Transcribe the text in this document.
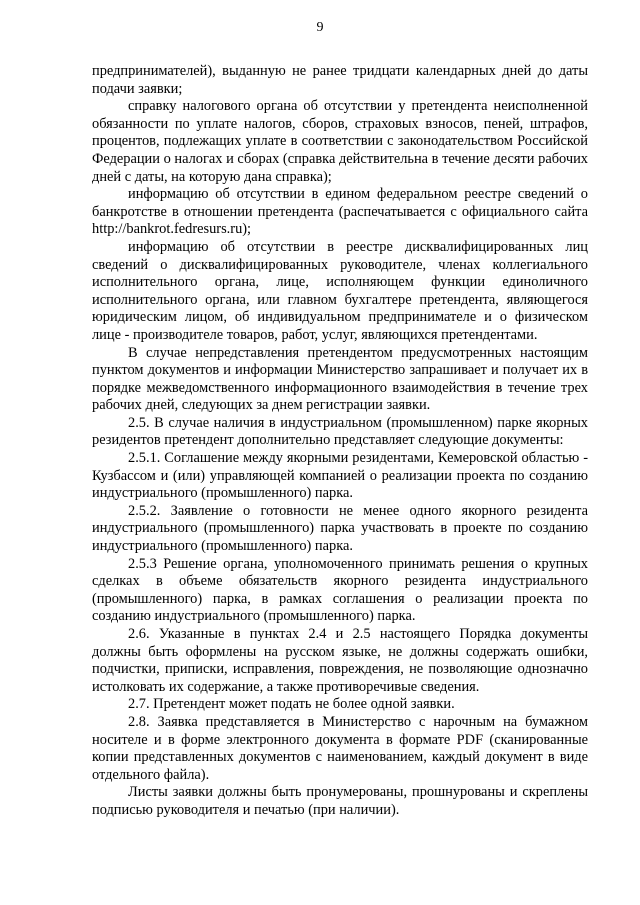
9

предпринимателей), выданную не ранее тридцати календарных дней до даты подачи заявки;

справку налогового органа об отсутствии у претендента неисполненной обязанности по уплате налогов, сборов, страховых взносов, пеней, штрафов, процентов, подлежащих уплате в соответствии с законодательством Российской Федерации о налогах и сборах (справка действительна в течение десяти рабочих дней с даты, на которую дана справка);

информацию об отсутствии в едином федеральном реестре сведений о банкротстве в отношении претендента (распечатывается с официального сайта http://bankrot.fedresurs.ru);

информацию об отсутствии в реестре дисквалифицированных лиц сведений о дисквалифицированных руководителе, членах коллегиального исполнительного органа, лице, исполняющем функции единоличного исполнительного органа, или главном бухгалтере претендента, являющегося юридическим лицом, об индивидуальном предпринимателе и о физическом лице - производителе товаров, работ, услуг, являющихся претендентами.

В случае непредставления претендентом предусмотренных настоящим пунктом документов и информации Министерство запрашивает и получает их в порядке межведомственного информационного взаимодействия в течение трех рабочих дней, следующих за днем регистрации заявки.

2.5. В случае наличия в индустриальном (промышленном) парке якорных резидентов претендент дополнительно представляет следующие документы:

2.5.1. Соглашение между якорными резидентами, Кемеровской областью - Кузбассом и (или) управляющей компанией о реализации проекта по созданию индустриального (промышленного) парка.

2.5.2. Заявление о готовности не менее одного якорного резидента индустриального (промышленного) парка участвовать в проекте по созданию индустриального (промышленного) парка.

2.5.3 Решение органа, уполномоченного принимать решения о крупных сделках в объеме обязательств якорного резидента индустриального (промышленного) парка, в рамках соглашения о реализации проекта по созданию индустриального (промышленного) парка.

2.6. Указанные в пунктах 2.4 и 2.5 настоящего Порядка документы должны быть оформлены на русском языке, не должны содержать ошибки, подчистки, приписки, исправления, повреждения, не позволяющие однозначно истолковать их содержание, а также противоречивые сведения.

2.7. Претендент может подать не более одной заявки.

2.8. Заявка представляется в Министерство с нарочным на бумажном носителе и в форме электронного документа в формате PDF (сканированные копии представленных документов с наименованием, каждый документ в виде отдельного файла).

Листы заявки должны быть пронумерованы, прошнурованы и скреплены подписью руководителя и печатью (при наличии).
